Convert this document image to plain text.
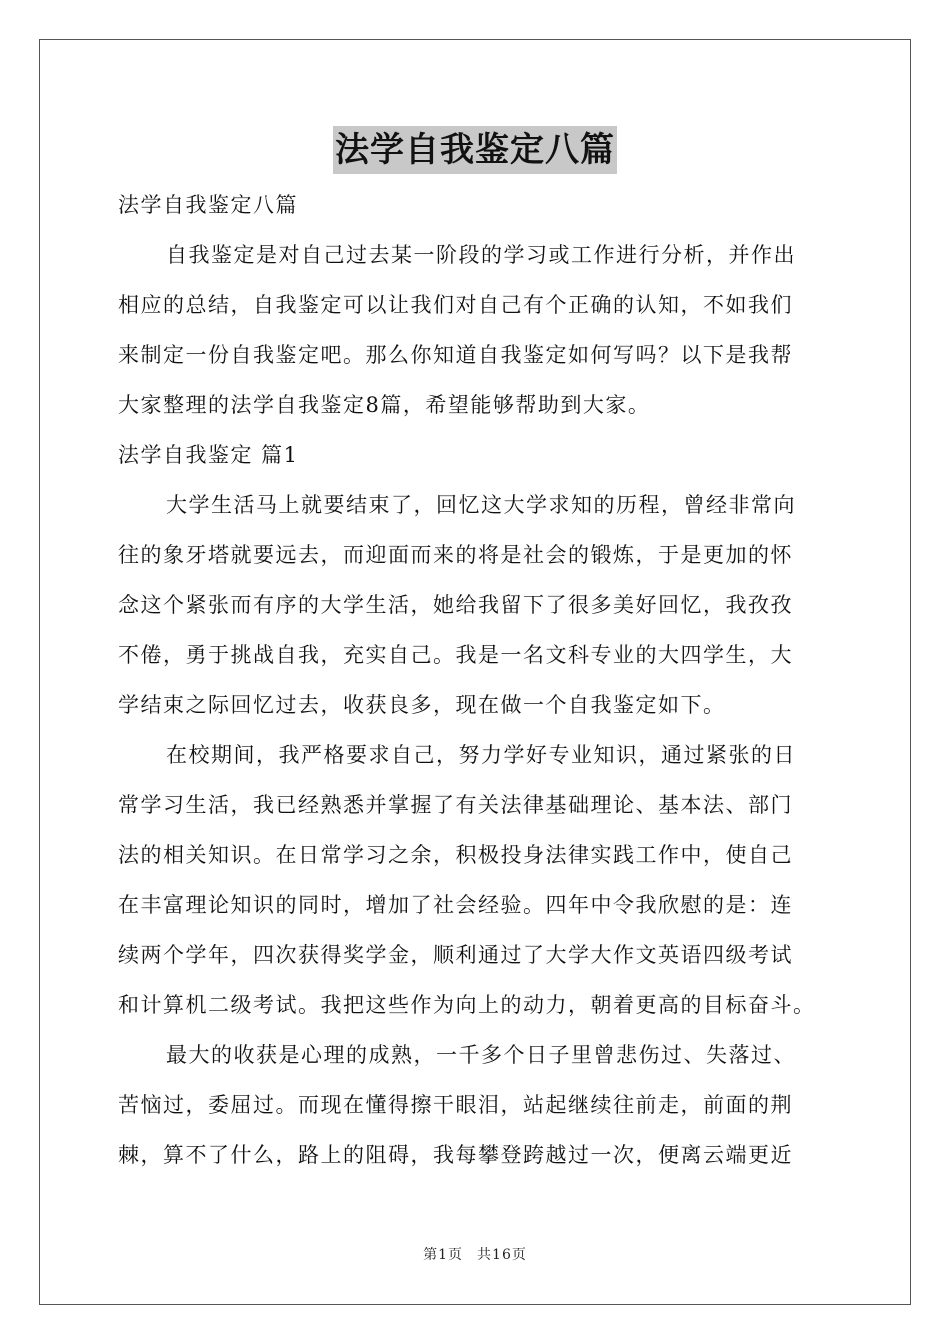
法学自我鉴定八篇
法学自我鉴定八篇
自我鉴定是对自己过去某一阶段的学习或工作进行分析，并作出
相应的总结，自我鉴定可以让我们对自己有个正确的认知，不如我们
来制定一份自我鉴定吧。那么你知道自我鉴定如何写吗？以下是我帮
大家整理的法学自我鉴定8篇，希望能够帮助到大家。
法学自我鉴定 篇1
大学生活马上就要结束了，回忆这大学求知的历程，曾经非常向
往的象牙塔就要远去，而迎面而来的将是社会的锻炼，于是更加的怀
念这个紧张而有序的大学生活，她给我留下了很多美好回忆，我孜孜
不倦，勇于挑战自我，充实自己。我是一名文科专业的大四学生，大
学结束之际回忆过去，收获良多，现在做一个自我鉴定如下。
在校期间，我严格要求自己，努力学好专业知识，通过紧张的日
常学习生活，我已经熟悉并掌握了有关法律基础理论、基本法、部门
法的相关知识。在日常学习之余，积极投身法律实践工作中，使自己
在丰富理论知识的同时，增加了社会经验。四年中令我欣慰的是：连
续两个学年，四次获得奖学金，顺利通过了大学大作文英语四级考试
和计算机二级考试。我把这些作为向上的动力，朝着更高的目标奋斗。
最大的收获是心理的成熟，一千多个日子里曾悲伤过、失落过、
苦恼过，委屈过。而现在懂得擦干眼泪，站起继续往前走，前面的荆
棘，算不了什么，路上的阻碍，我每攀登跨越过一次，便离云端更近
第1页 共16页
